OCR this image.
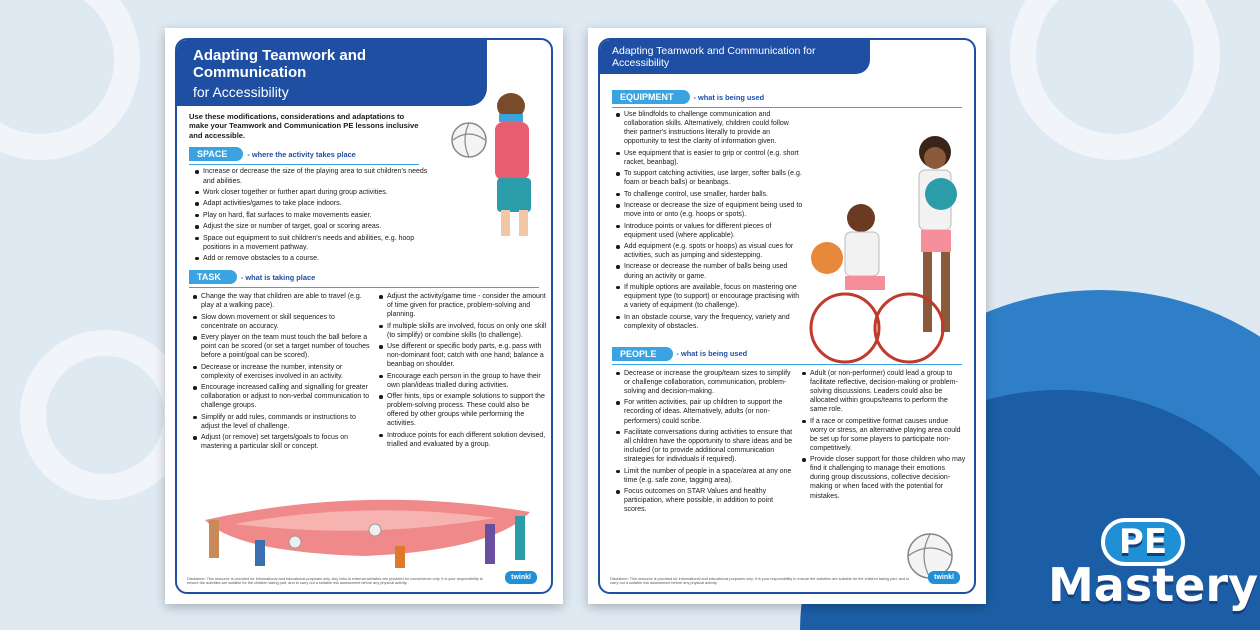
Adapting Teamwork and Communication
for Accessibility
Use these modifications, considerations and adaptations to make your Teamwork and Communication PE lessons inclusive and accessible.
SPACE	- where the activity takes place
Increase or decrease the size of the playing area to suit children's needs and abilities.
Work closer together or further apart during group activities.
Adapt activities/games to take place indoors.
Play on hard, flat surfaces to make movements easier.
Adjust the size or number of target, goal or scoring areas.
Space out equipment to suit children's needs and abilities, e.g. hoop positions in a movement pathway.
Add or remove obstacles to a course.
TASK	- what is taking place
Change the way that children are able to travel (e.g. play at a walking pace).
Slow down movement or skill sequences to concentrate on accuracy.
Every player on the team must touch the ball before a point can be scored (or set a target number of touches before a point/goal can be scored).
Decrease or increase the number, intensity or complexity of exercises involved in an activity.
Encourage increased calling and signalling for greater collaboration or adjust to non-verbal communication to challenge groups.
Simplify or add rules, commands or instructions to adjust the level of challenge.
Adjust (or remove) set targets/goals to focus on mastering a particular skill or concept.
Adjust the activity/game time - consider the amount of time given for practice, problem-solving and planning.
If multiple skills are involved, focus on only one skill (to simplify) or combine skills (to challenge).
Use different or specific body parts, e.g. pass with non-dominant foot; catch with one hand; balance a beanbag on shoulder.
Encourage each person in the group to have their own plan/ideas trialled during activities.
Offer hints, tips or example solutions to support the problem-solving process. These could also be offered by other groups while performing the activities.
Introduce points for each different solution devised, trialled and evaluated by a group.
Disclaimer: This resource is provided for informational and educational purposes only. Any links to external websites are provided for convenience only. It is your responsibility to ensure the activities are suitable for the children taking part, and to carry out a suitable risk assessment before any physical activity.
twinkl
Adapting Teamwork and Communication for Accessibility
EQUIPMENT	- what is being used
Use blindfolds to challenge communication and collaboration skills. Alternatively, children could follow their partner's instructions literally to provide an opportunity to test the clarity of information given.
Use equipment that is easier to grip or control (e.g. short racket, beanbag).
To support catching activities, use larger, softer balls (e.g. foam or beach balls) or beanbags.
To challenge control, use smaller, harder balls.
Increase or decrease the size of equipment being used to move into or onto (e.g. hoops or spots).
Introduce points or values for different pieces of equipment used (where applicable).
Add equipment (e.g. spots or hoops) as visual cues for activities, such as jumping and sidestepping.
Increase or decrease the number of balls being used during an activity or game.
If multiple options are available, focus on mastering one equipment type (to support) or encourage practising with a variety of equipment (to challenge).
In an obstacle course, vary the frequency, variety and complexity of obstacles.
PEOPLE	- what is being used
Decrease or increase the group/team sizes to simplify or challenge collaboration, communication, problem-solving and decision-making.
For written activities, pair up children to support the recording of ideas. Alternatively, adults (or non-performers) could scribe.
Facilitate conversations during activities to ensure that all children have the opportunity to share ideas and be included (or to provide additional communication strategies for individuals if required).
Limit the number of people in a space/area at any one time (e.g. safe zone, tagging area).
Focus outcomes on STAR Values and healthy participation, where possible, in addition to point scores.
Adult (or non-performer) could lead a group to facilitate reflective, decision-making or problem-solving discussions. Leaders could also be allocated within groups/teams to perform the same role.
If a race or competitive format causes undue worry or stress, an alternative playing area could be set up for some players to participate non-competitively.
Provide closer support for those children who may find it challenging to manage their emotions during group discussions, collective decision-making or when faced with the potential for mistakes.
Disclaimer: This resource is provided for informational and educational purposes only. It is your responsibility to ensure the activities are suitable for the children taking part, and to carry out a suitable risk assessment before any physical activity.
twinkl
PE
Mastery
